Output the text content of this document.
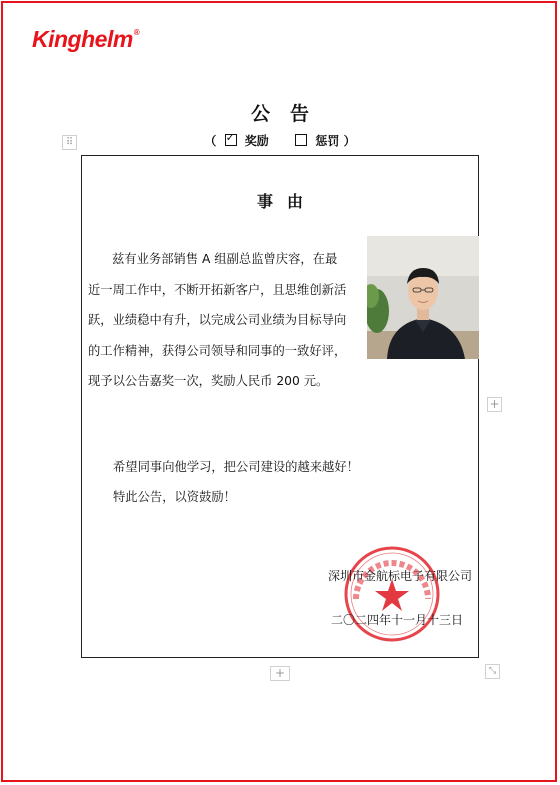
Kinghelm®
公告
（ ✓ 奖励	惩罚 ）
⠿
事由
兹有业务部销售 A 组副总监曾庆容，在最
近一周工作中，不断开拓新客户，且思维创新活
跃，业绩稳中有升，以完成公司业绩为目标导向
的工作精神，获得公司领导和同事的一致好评，
现予以公告嘉奖一次，奖励人民币 200 元。
+
希望同事向他学习，把公司建设的越来越好！
特此公告，以资鼓励！
深圳市金航标电子有限公司
二〇二四年十一月十三日
+	⤡
